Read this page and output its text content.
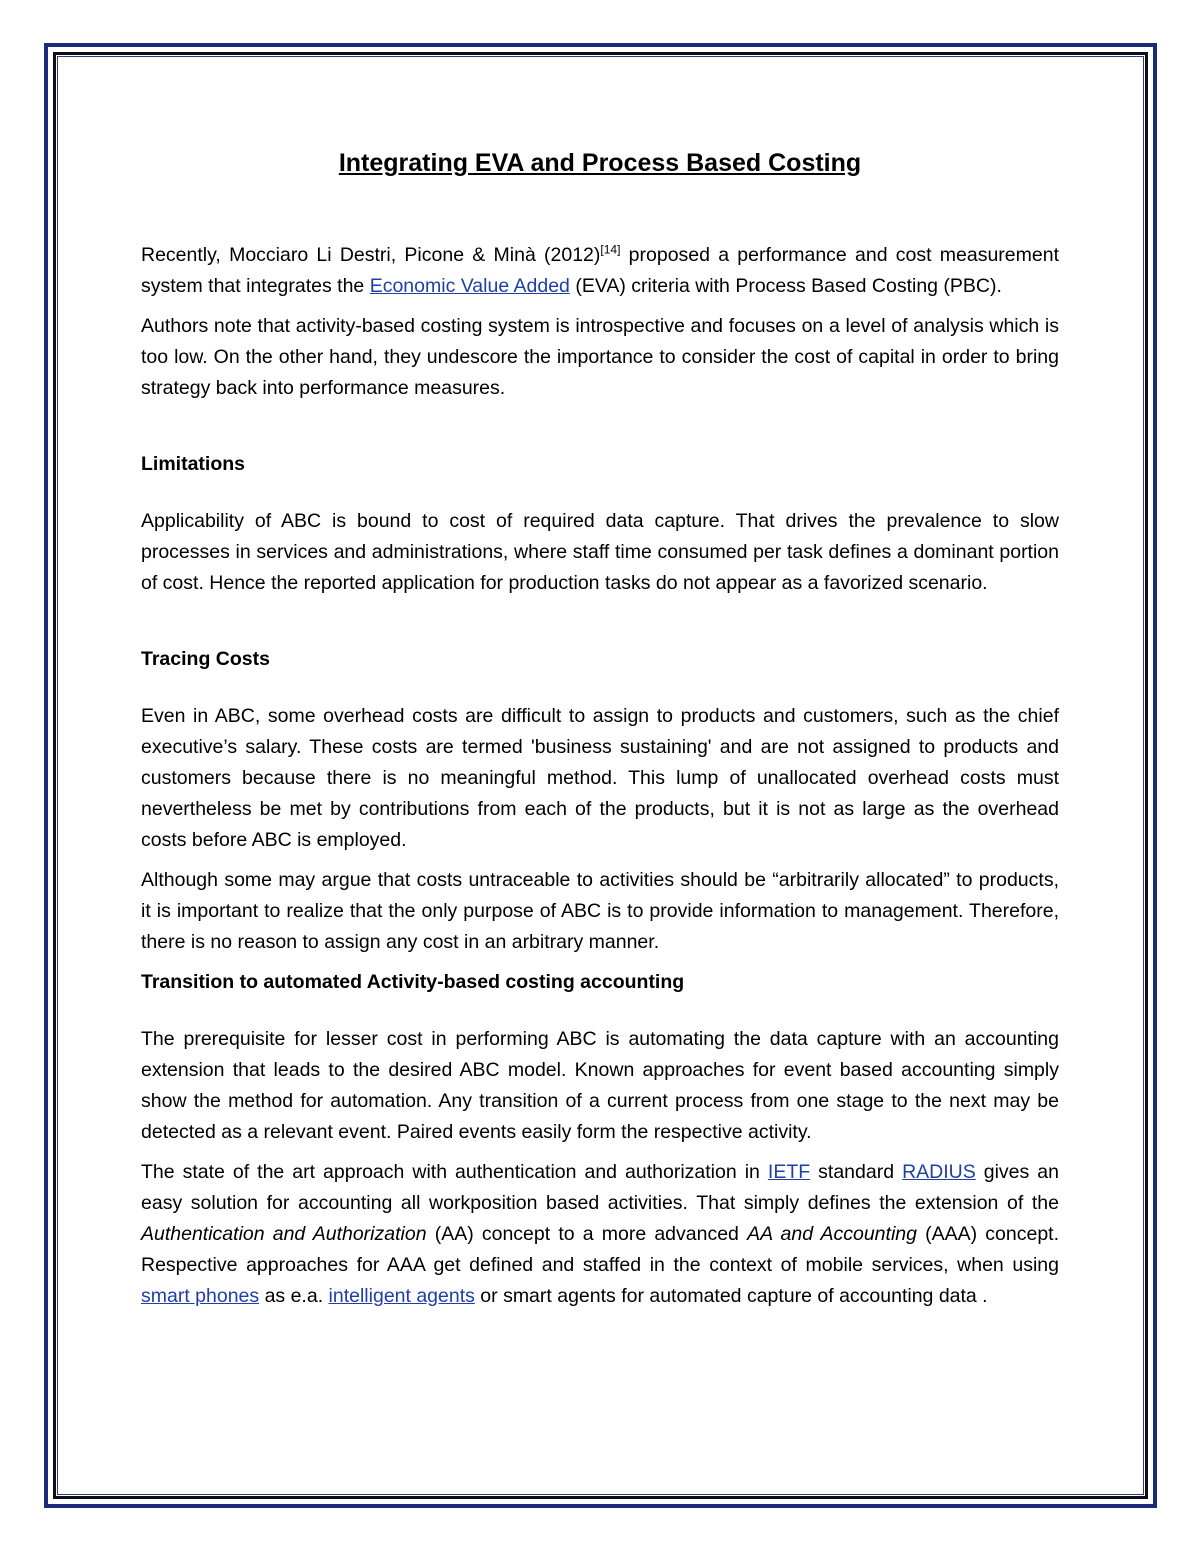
Integrating EVA and Process Based Costing

Recently, Mocciaro Li Destri, Picone & Minà (2012)[14] proposed a performance and cost measurement system that integrates the Economic Value Added (EVA) criteria with Process Based Costing (PBC).

Authors note that activity-based costing system is introspective and focuses on a level of analysis which is too low. On the other hand, they undescore the importance to consider the cost of capital in order to bring strategy back into performance measures.

Limitations

Applicability of ABC is bound to cost of required data capture. That drives the prevalence to slow processes in services and administrations, where staff time consumed per task defines a dominant portion of cost. Hence the reported application for production tasks do not appear as a favorized scenario.

Tracing Costs

Even in ABC, some overhead costs are difficult to assign to products and customers, such as the chief executive’s salary. These costs are termed 'business sustaining' and are not assigned to products and customers because there is no meaningful method. This lump of unallocated overhead costs must nevertheless be met by contributions from each of the products, but it is not as large as the overhead costs before ABC is employed.

Although some may argue that costs untraceable to activities should be “arbitrarily allocated” to products, it is important to realize that the only purpose of ABC is to provide information to management. Therefore, there is no reason to assign any cost in an arbitrary manner.

Transition to automated Activity-based costing accounting

The prerequisite for lesser cost in performing ABC is automating the data capture with an accounting extension that leads to the desired ABC model. Known approaches for event based accounting simply show the method for automation. Any transition of a current process from one stage to the next may be detected as a relevant event. Paired events easily form the respective activity.

The state of the art approach with authentication and authorization in IETF standard RADIUS gives an easy solution for accounting all workposition based activities. That simply defines the extension of the Authentication and Authorization (AA) concept to a more advanced AA and Accounting (AAA) concept. Respective approaches for AAA get defined and staffed in the context of mobile services, when using smart phones as e.a. intelligent agents or smart agents for automated capture of accounting data .
